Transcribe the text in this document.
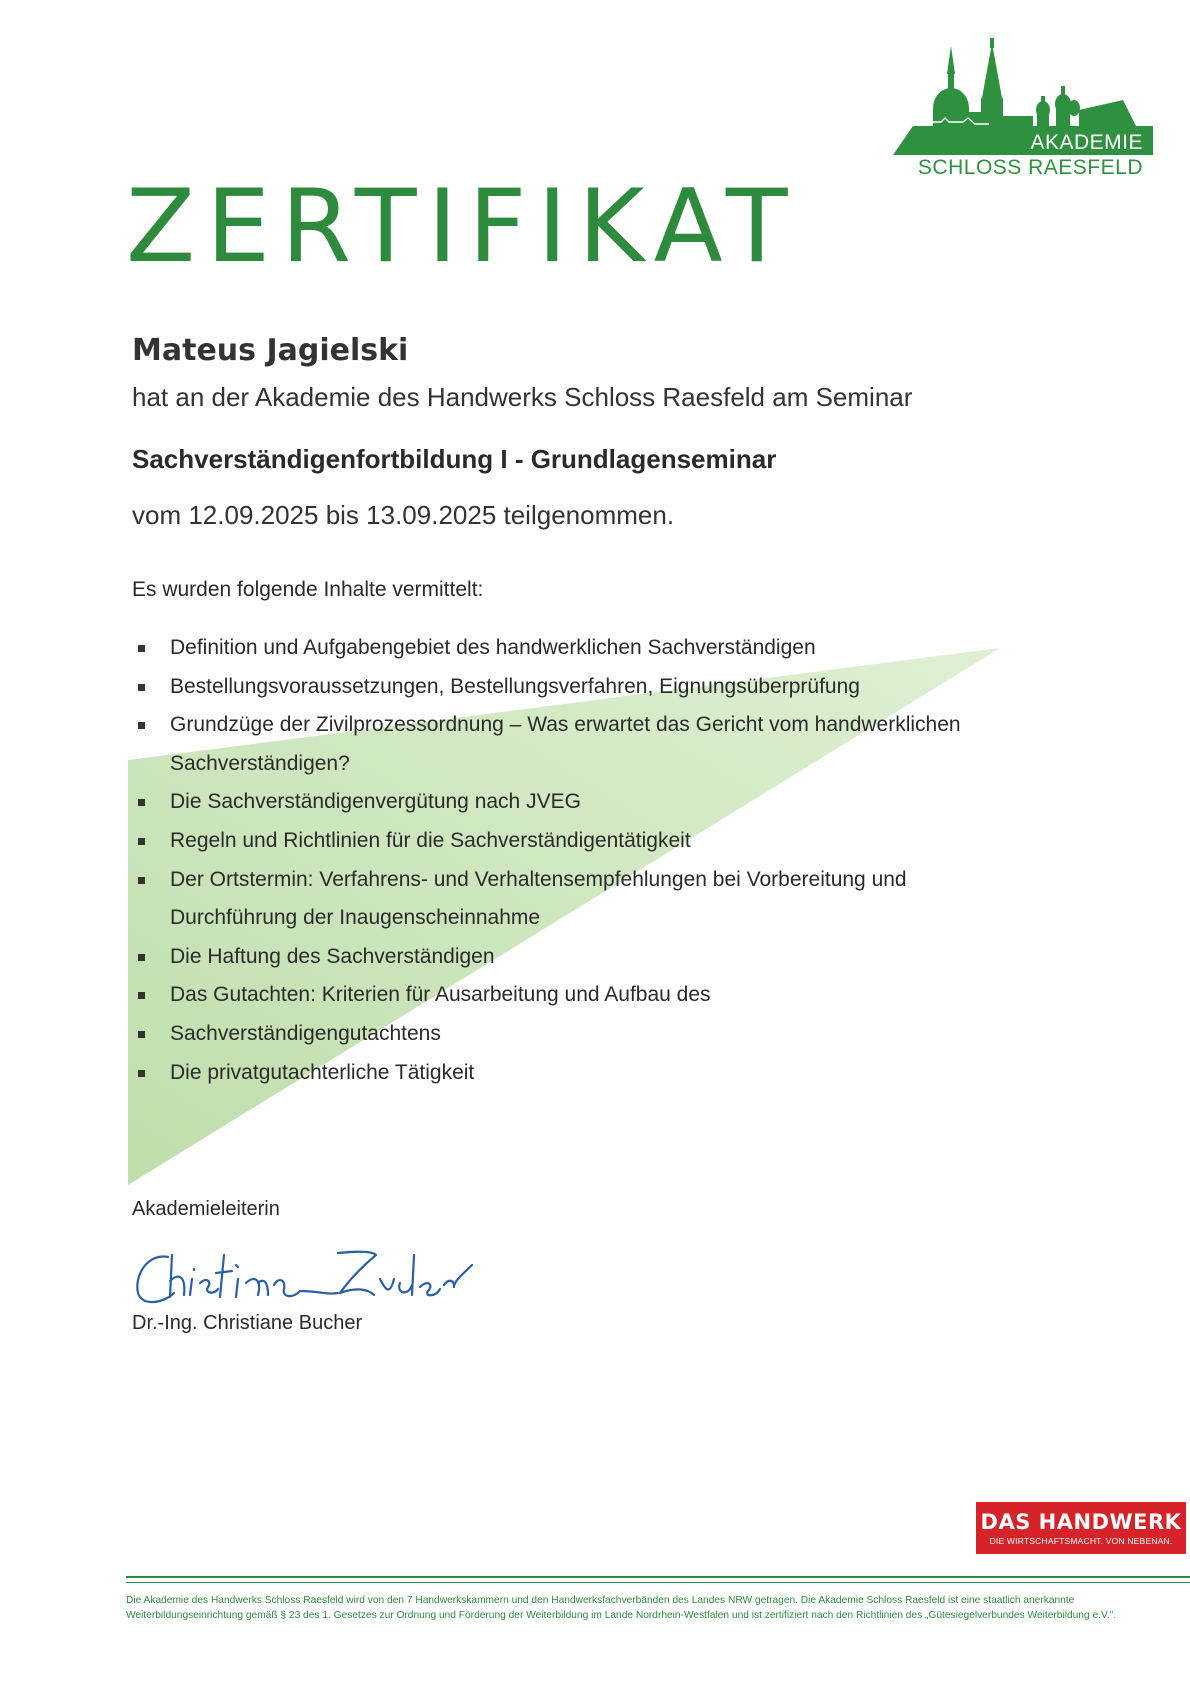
AKADEMIE
SCHLOSS RAESFELD
ZERTIFIKAT
Mateus Jagielski
hat an der Akademie des Handwerks Schloss Raesfeld am Seminar
Sachverständigenfortbildung I - Grundlagenseminar
vom 12.09.2025 bis 13.09.2025 teilgenommen.
Es wurden folgende Inhalte vermittelt:
Definition und Aufgabengebiet des handwerklichen Sachverständigen
Bestellungsvoraussetzungen, Bestellungsverfahren, Eignungsüberprüfung
Grundzüge der Zivilprozessordnung – Was erwartet das Gericht vom handwerklichen
Sachverständigen?
Die Sachverständigenvergütung nach JVEG
Regeln und Richtlinien für die Sachverständigentätigkeit
Der Ortstermin: Verfahrens- und Verhaltensempfehlungen bei Vorbereitung und
Durchführung der Inaugenscheinnahme
Die Haftung des Sachverständigen
Das Gutachten: Kriterien für Ausarbeitung und Aufbau des
Sachverständigengutachtens
Die privatgutachterliche Tätigkeit
Akademieleiterin
Dr.-Ing. Christiane Bucher
DAS HANDWERK
DIE WIRTSCHAFTSMACHT. VON NEBENAN.
Die Akademie des Handwerks Schloss Raesfeld wird von den 7 Handwerkskammern und den Handwerksfachverbänden des Landes NRW getragen. Die Akademie Schloss Raesfeld ist eine staatlich anerkannte Weiterbildungseinrichtung gemäß § 23 des 1. Gesetzes zur Ordnung und Förderung der Weiterbildung im Lande Nordrhein-Westfalen und ist zertifiziert nach den Richtlinien des „Gütesiegelverbundes Weiterbildung e.V.".
